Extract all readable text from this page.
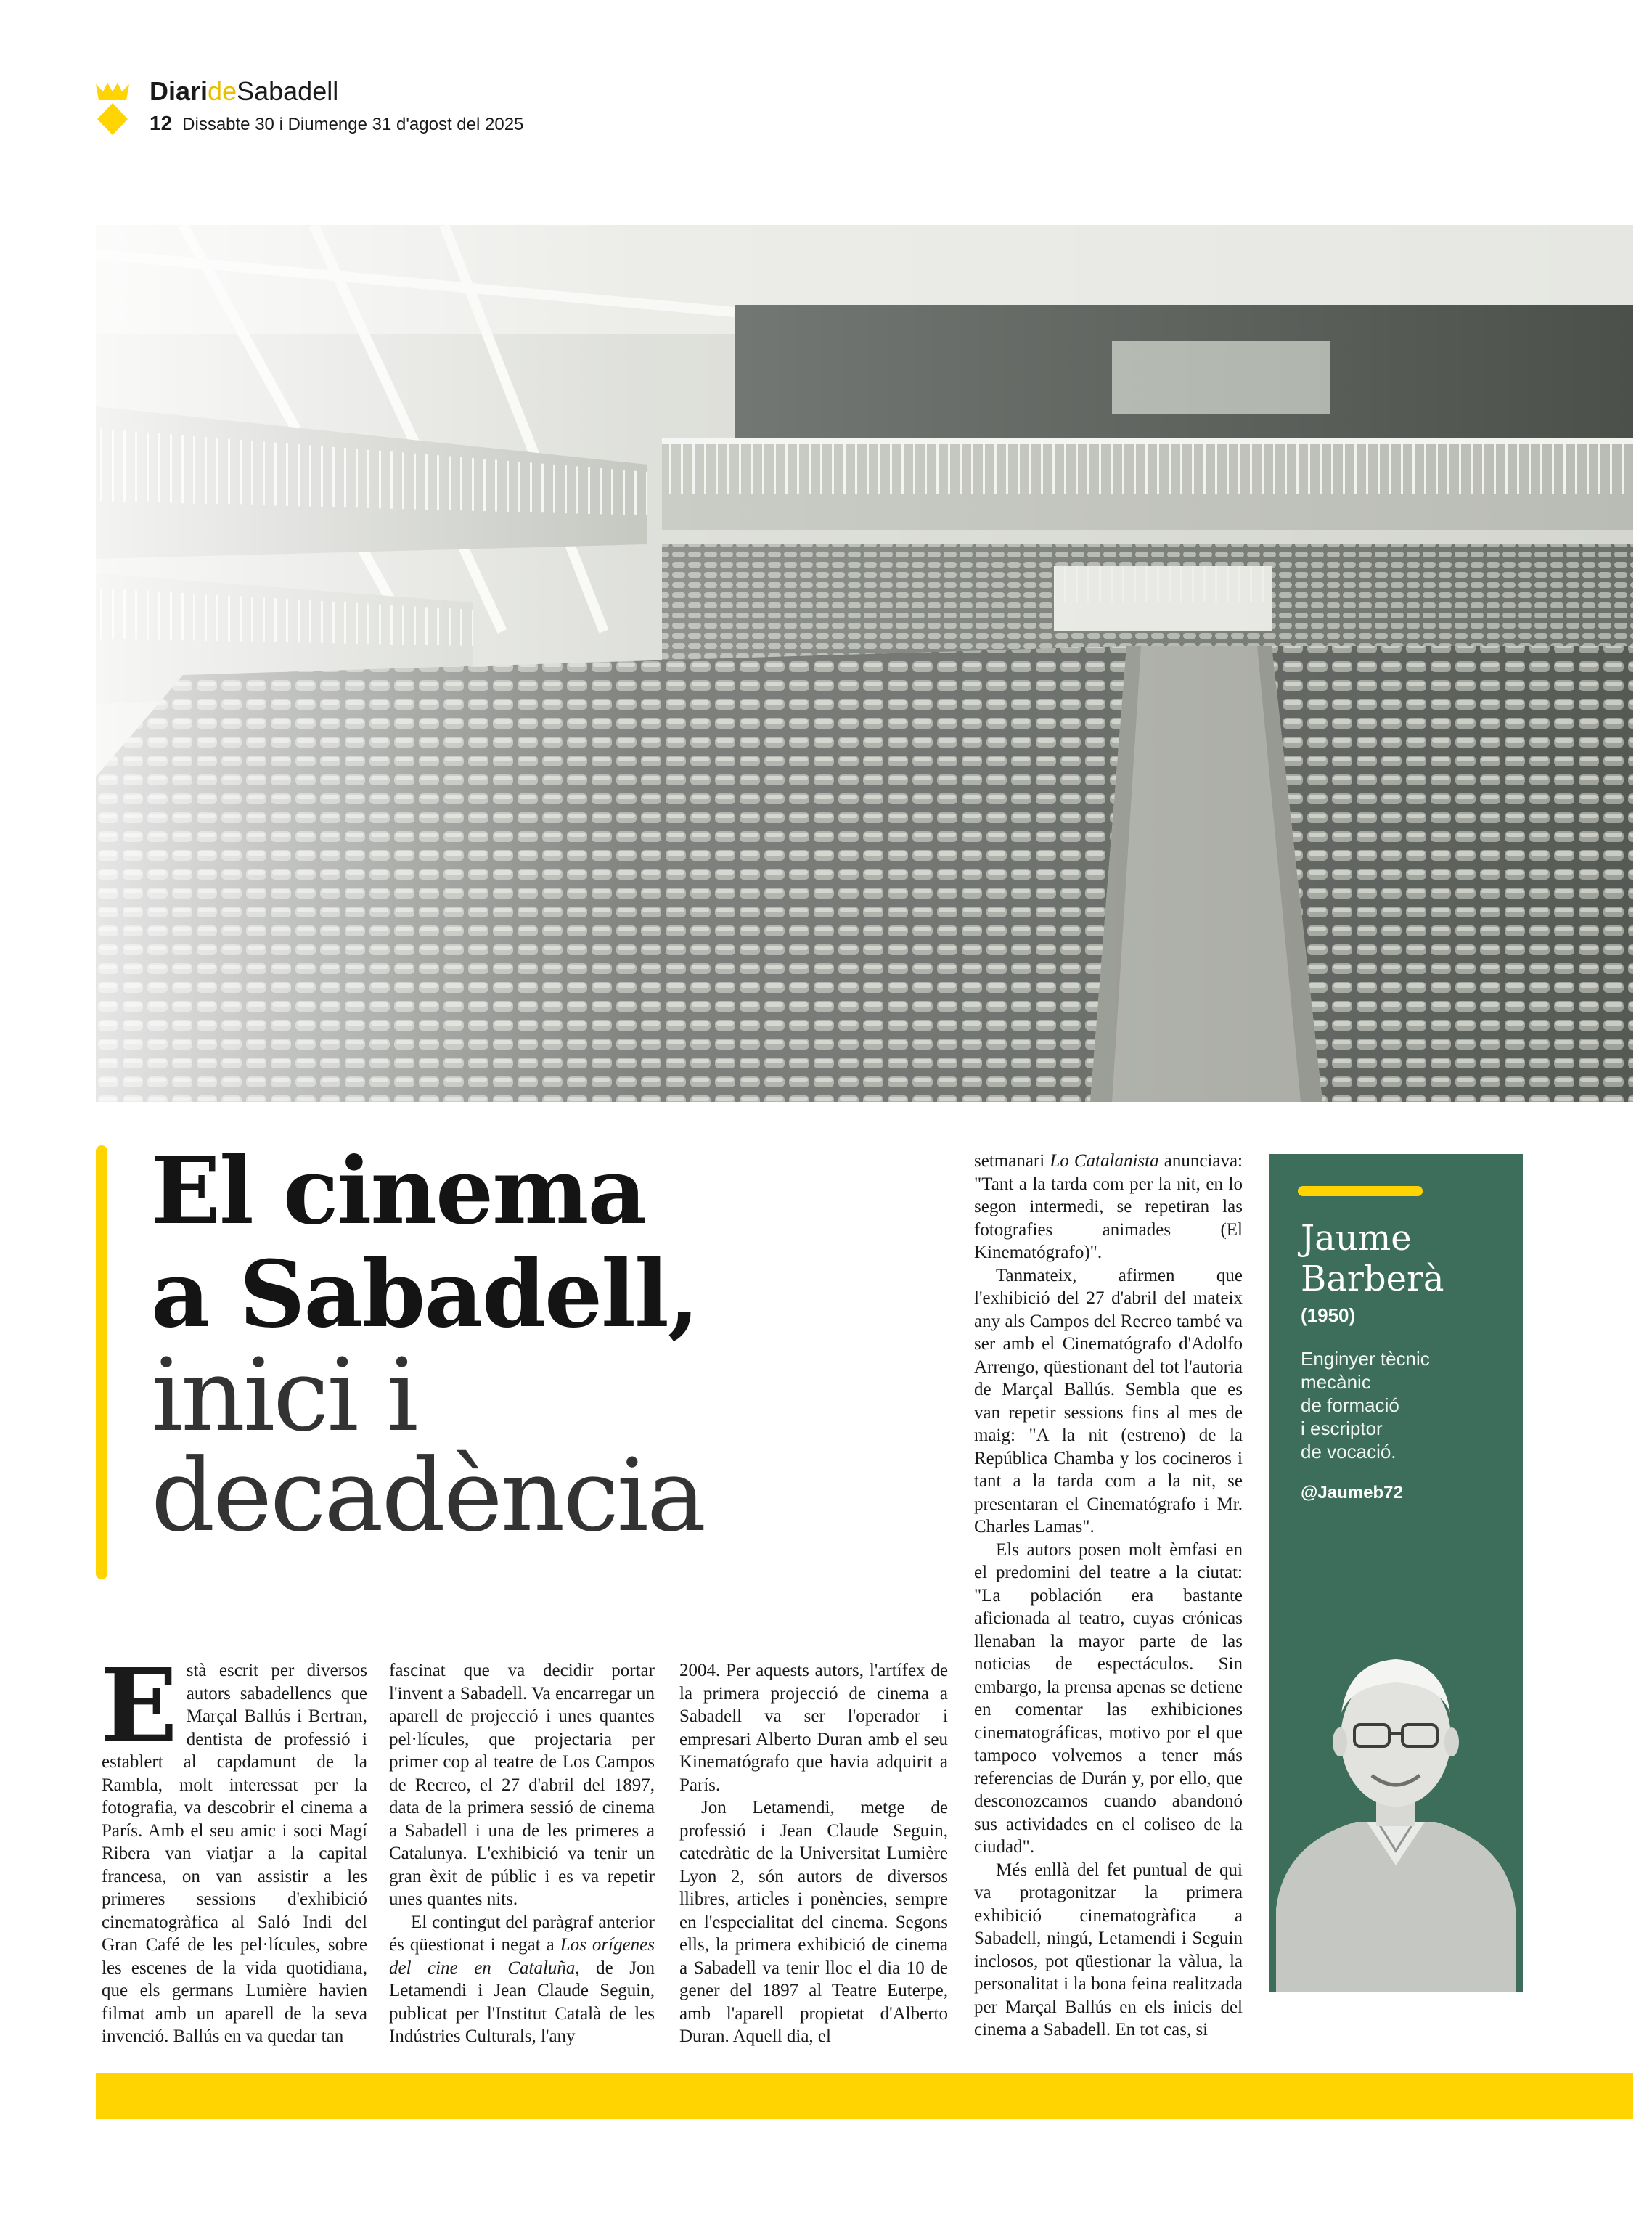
DiarideSabadell
12 Dissabte 30 i Diumenge 31 d'agost del 2025
El cinema
a Sabadell,
inici i
decadència

Està escrit per diversos autors sabadellencs que Marçal Ballús i Bertran, dentista de professió i establert al capdamunt de la Rambla, molt interessat per la fotografia, va descobrir el cinema a París. Amb el seu amic i soci Magí Ribera van viatjar a la capital francesa, on van assistir a les primeres sessions d'exhibició cinematogràfica al Saló Indi del Gran Café de les pel·lícules, sobre les escenes de la vida quotidiana, que els germans Lumière havien filmat amb un aparell de la seva invenció. Ballús en va quedar tan

fascinat que va decidir portar l'invent a Sabadell. Va encarregar un aparell de projecció i unes quantes pel·lícules, que projectaria per primer cop al teatre de Los Campos de Recreo, el 27 d'abril del 1897, data de la primera sessió de cinema a Sabadell i una de les primeres a Catalunya. L'exhibició va tenir un gran èxit de públic i es va repetir unes quantes nits.

El contingut del paràgraf anterior és qüestionat i negat a Los orígenes del cine en Cataluña, de Jon Letamendi i Jean Claude Seguin, publicat per l'Institut Català de les Indústries Culturals, l'any

2004. Per aquests autors, l'artífex de la primera projecció de cinema a Sabadell va ser l'operador i empresari Alberto Duran amb el seu Kinematógrafo que havia adquirit a París.

Jon Letamendi, metge de professió i Jean Claude Seguin, catedràtic de la Universitat Lumière Lyon 2, són autors de diversos llibres, articles i ponències, sempre en l'especialitat del cinema. Segons ells, la primera exhibició de cinema a Sabadell va tenir lloc el dia 10 de gener del 1897 al Teatre Euterpe, amb l'aparell propietat d'Alberto Duran. Aquell dia, el

setmanari Lo Catalanista anunciava: "Tant a la tarda com per la nit, en lo segon intermedi, se repetiran las fotografies animades (El Kinematógrafo)".

Tanmateix, afirmen que l'exhibició del 27 d'abril del mateix any als Campos del Recreo també va ser amb el Cinematógrafo d'Adolfo Arrengo, qüestionant del tot l'autoria de Marçal Ballús. Sembla que es van repetir sessions fins al mes de maig: "A la nit (estreno) de la República Chamba y los cocineros i tant a la tarda com a la nit, se presentaran el Cinematógrafo i Mr. Charles Lamas".

Els autors posen molt èmfasi en el predomini del teatre a la ciutat: "La población era bastante aficionada al teatro, cuyas crónicas llenaban la mayor parte de las noticias de espectáculos. Sin embargo, la prensa apenas se detiene en comentar las exhibiciones cinematográficas, motivo por el que tampoco volvemos a tener más referencias de Durán y, por ello, que desconozcamos cuando abandonó sus actividades en el coliseo de la ciudad".

Més enllà del fet puntual de qui va protagonitzar la primera exhibició cinematogràfica a Sabadell, ningú, Letamendi i Seguin inclosos, pot qüestionar la vàlua, la personalitat i la bona feina realitzada per Marçal Ballús en els inicis del cinema a Sabadell. En tot cas, si

Jaume Barberà
(1950)
Enginyer tècnic
mecànic
de formació
i escriptor
de vocació.
@Jaumeb72
